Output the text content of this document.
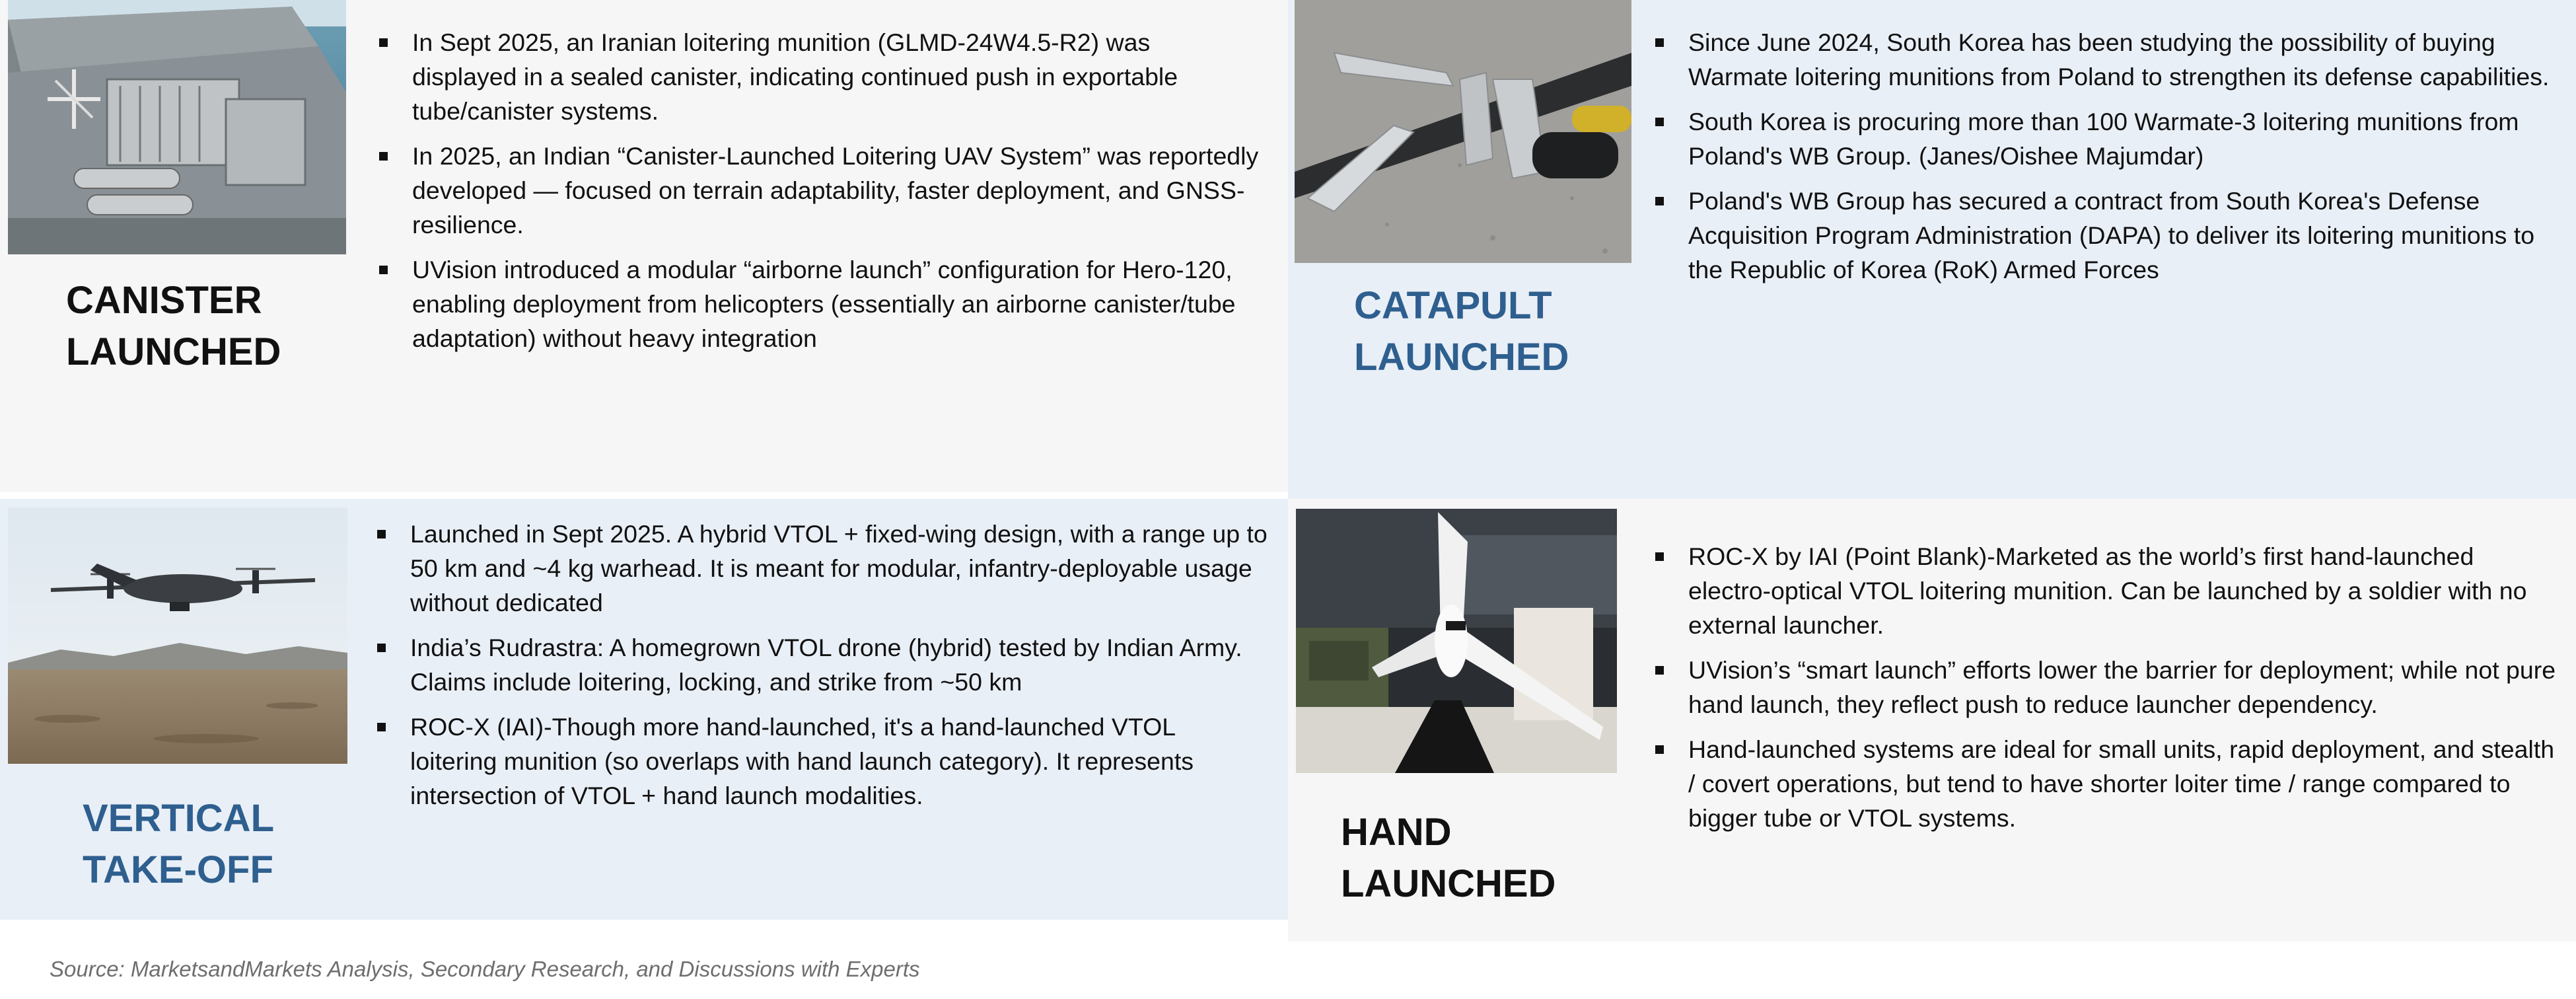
CANISTER
LAUNCHED
In Sept 2025, an Iranian loitering munition (GLMD-24W4.5-R2) was displayed in a sealed canister, indicating continued push in exportable tube/canister systems.
In 2025, an Indian “Canister-Launched Loitering UAV System” was reportedly developed — focused on terrain adaptability, faster deployment, and GNSS-resilience.
UVision introduced a modular “airborne launch” configuration for Hero-120, enabling deployment from helicopters (essentially an airborne canister/tube adaptation) without heavy integration
CATAPULT
LAUNCHED
Since June 2024, South Korea has been studying the possibility of buying Warmate loitering munitions from Poland to strengthen its defense capabilities.
South Korea is procuring more than 100 Warmate-3 loitering munitions from Poland's WB Group. (Janes/Oishee Majumdar)
Poland's WB Group has secured a contract from South Korea's Defense Acquisition Program Administration (DAPA) to deliver its loitering munitions to the Republic of Korea (RoK) Armed Forces
VERTICAL
TAKE-OFF
Launched in Sept 2025. A hybrid VTOL + fixed-wing design, with a range up to 50 km and ~4 kg warhead. It is meant for modular, infantry-deployable usage without dedicated
India’s Rudrastra: A homegrown VTOL drone (hybrid) tested by Indian Army. Claims include loitering, locking, and strike from ~50 km
ROC-X (IAI)-Though more hand-launched, it's a hand-launched VTOL loitering munition (so overlaps with hand launch category). It represents intersection of VTOL + hand launch modalities.
HAND
LAUNCHED
ROC-X by IAI (Point Blank)-Marketed as the world’s first hand-launched electro-optical VTOL loitering munition. Can be launched by a soldier with no external launcher.
UVision’s “smart launch” efforts lower the barrier for deployment; while not pure hand launch, they reflect push to reduce launcher dependency.
Hand-launched systems are ideal for small units, rapid deployment, and stealth / covert operations, but tend to have shorter loiter time / range compared to bigger tube or VTOL systems.
Source: MarketsandMarkets Analysis, Secondary Research, and Discussions with Experts
